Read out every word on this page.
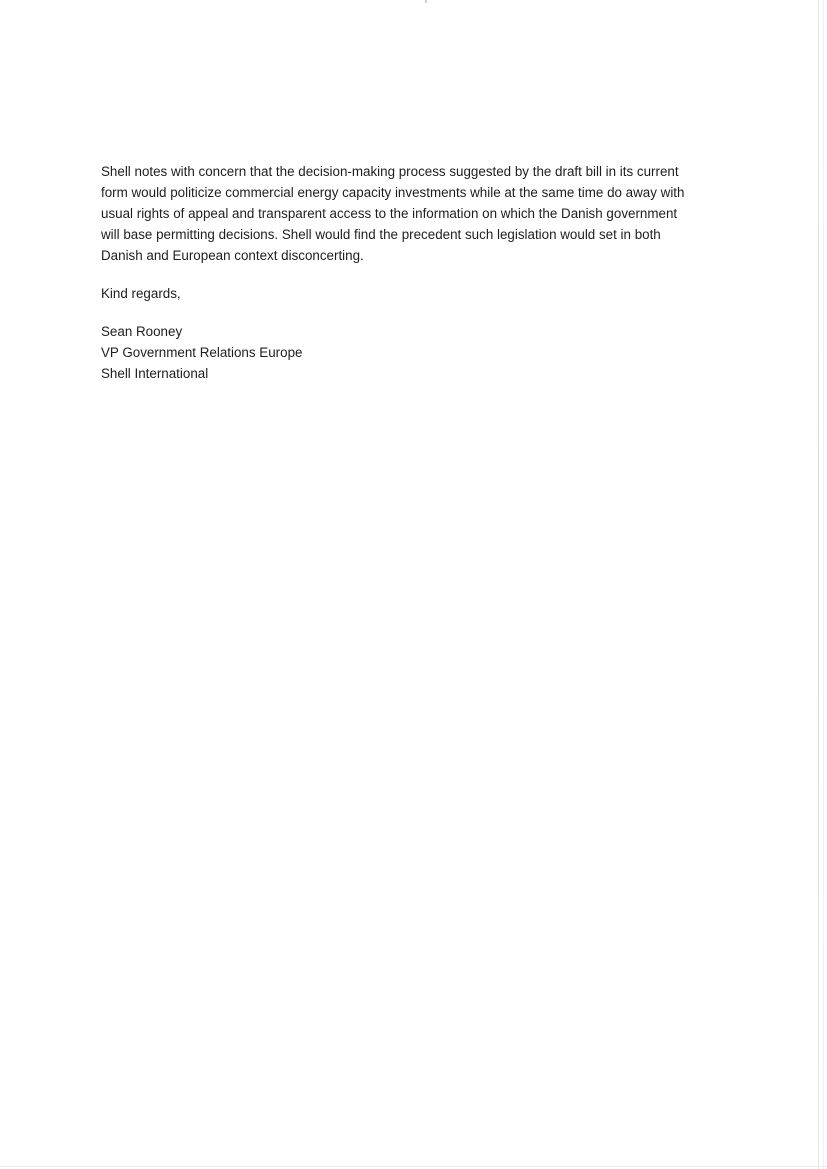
Shell notes with concern that the decision-making process suggested by the draft bill in its current
form would politicize commercial energy capacity investments while at the same time do away with
usual rights of appeal and transparent access to the information on which the Danish government
will base permitting decisions. Shell would find the precedent such legislation would set in both
Danish and European context disconcerting.

Kind regards,

Sean Rooney
VP Government Relations Europe
Shell International
